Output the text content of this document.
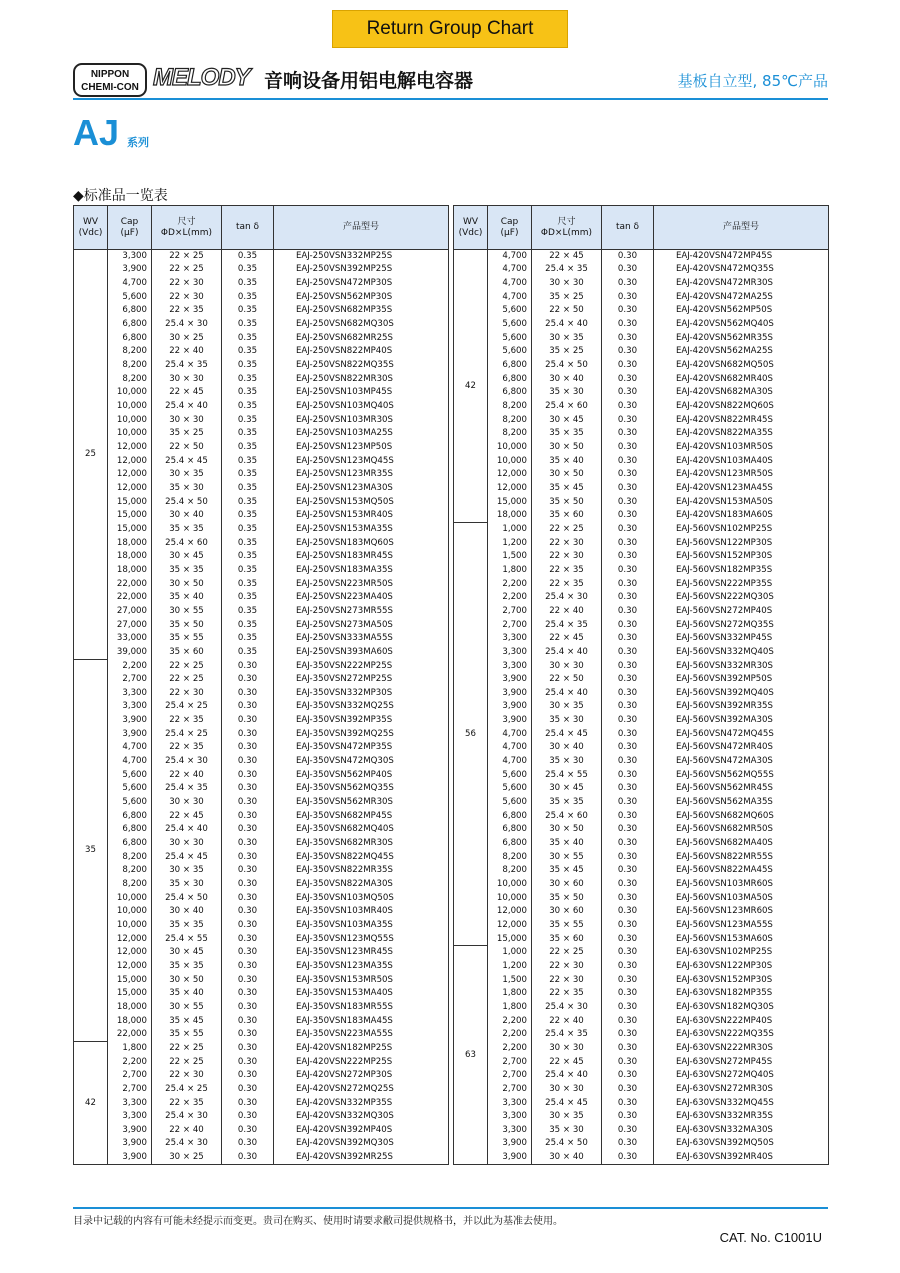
Return Group Chart
NIPPON
CHEMI-CON MELODY 音响设备用铝电解电容器	基板自立型, 85℃产品
AJ 系列
◆标准品一览表
WV
(Vdc)	Cap
(μF)	尺寸
ΦD×L(mm)	tan δ	产品型号
25	3,300	22 × 25	0.35	EAJ-250VSN332MP25S
	3,900	22 × 25	0.35	EAJ-250VSN392MP25S
	4,700	22 × 30	0.35	EAJ-250VSN472MP30S
	5,600	22 × 30	0.35	EAJ-250VSN562MP30S
	6,800	22 × 35	0.35	EAJ-250VSN682MP35S
	6,800	25.4 × 30	0.35	EAJ-250VSN682MQ30S
	6,800	30 × 25	0.35	EAJ-250VSN682MR25S
	8,200	22 × 40	0.35	EAJ-250VSN822MP40S
	8,200	25.4 × 35	0.35	EAJ-250VSN822MQ35S
	8,200	30 × 30	0.35	EAJ-250VSN822MR30S
	10,000	22 × 45	0.35	EAJ-250VSN103MP45S
	10,000	25.4 × 40	0.35	EAJ-250VSN103MQ40S
	10,000	30 × 30	0.35	EAJ-250VSN103MR30S
	10,000	35 × 25	0.35	EAJ-250VSN103MA25S
	12,000	22 × 50	0.35	EAJ-250VSN123MP50S
	12,000	25.4 × 45	0.35	EAJ-250VSN123MQ45S
	12,000	30 × 35	0.35	EAJ-250VSN123MR35S
	12,000	35 × 30	0.35	EAJ-250VSN123MA30S
	15,000	25.4 × 50	0.35	EAJ-250VSN153MQ50S
	15,000	30 × 40	0.35	EAJ-250VSN153MR40S
	15,000	35 × 35	0.35	EAJ-250VSN153MA35S
	18,000	25.4 × 60	0.35	EAJ-250VSN183MQ60S
	18,000	30 × 45	0.35	EAJ-250VSN183MR45S
	18,000	35 × 35	0.35	EAJ-250VSN183MA35S
	22,000	30 × 50	0.35	EAJ-250VSN223MR50S
	22,000	35 × 40	0.35	EAJ-250VSN223MA40S
	27,000	30 × 55	0.35	EAJ-250VSN273MR55S
	27,000	35 × 50	0.35	EAJ-250VSN273MA50S
	33,000	35 × 55	0.35	EAJ-250VSN333MA55S
	39,000	35 × 60	0.35	EAJ-250VSN393MA60S
35	2,200	22 × 25	0.30	EAJ-350VSN222MP25S
	2,700	22 × 25	0.30	EAJ-350VSN272MP25S
	3,300	22 × 30	0.30	EAJ-350VSN332MP30S
	3,300	25.4 × 25	0.30	EAJ-350VSN332MQ25S
	3,900	22 × 35	0.30	EAJ-350VSN392MP35S
	3,900	25.4 × 25	0.30	EAJ-350VSN392MQ25S
	4,700	22 × 35	0.30	EAJ-350VSN472MP35S
	4,700	25.4 × 30	0.30	EAJ-350VSN472MQ30S
	5,600	22 × 40	0.30	EAJ-350VSN562MP40S
	5,600	25.4 × 35	0.30	EAJ-350VSN562MQ35S
	5,600	30 × 30	0.30	EAJ-350VSN562MR30S
	6,800	22 × 45	0.30	EAJ-350VSN682MP45S
	6,800	25.4 × 40	0.30	EAJ-350VSN682MQ40S
	6,800	30 × 30	0.30	EAJ-350VSN682MR30S
	8,200	25.4 × 45	0.30	EAJ-350VSN822MQ45S
	8,200	30 × 35	0.30	EAJ-350VSN822MR35S
	8,200	35 × 30	0.30	EAJ-350VSN822MA30S
	10,000	25.4 × 50	0.30	EAJ-350VSN103MQ50S
	10,000	30 × 40	0.30	EAJ-350VSN103MR40S
	10,000	35 × 35	0.30	EAJ-350VSN103MA35S
	12,000	25.4 × 55	0.30	EAJ-350VSN123MQ55S
	12,000	30 × 45	0.30	EAJ-350VSN123MR45S
	12,000	35 × 35	0.30	EAJ-350VSN123MA35S
	15,000	30 × 50	0.30	EAJ-350VSN153MR50S
	15,000	35 × 40	0.30	EAJ-350VSN153MA40S
	18,000	30 × 55	0.30	EAJ-350VSN183MR55S
	18,000	35 × 45	0.30	EAJ-350VSN183MA45S
	22,000	35 × 55	0.30	EAJ-350VSN223MA55S
42	1,800	22 × 25	0.30	EAJ-420VSN182MP25S
	2,200	22 × 25	0.30	EAJ-420VSN222MP25S
	2,700	22 × 30	0.30	EAJ-420VSN272MP30S
	2,700	25.4 × 25	0.30	EAJ-420VSN272MQ25S
	3,300	22 × 35	0.30	EAJ-420VSN332MP35S
	3,300	25.4 × 30	0.30	EAJ-420VSN332MQ30S
	3,900	22 × 40	0.30	EAJ-420VSN392MP40S
	3,900	25.4 × 30	0.30	EAJ-420VSN392MQ30S
	3,900	30 × 25	0.30	EAJ-420VSN392MR25S
WV
(Vdc)	Cap
(μF)	尺寸
ΦD×L(mm)	tan δ	产品型号
42	4,700	22 × 45	0.30	EAJ-420VSN472MP45S
	4,700	25.4 × 35	0.30	EAJ-420VSN472MQ35S
	4,700	30 × 30	0.30	EAJ-420VSN472MR30S
	4,700	35 × 25	0.30	EAJ-420VSN472MA25S
	5,600	22 × 50	0.30	EAJ-420VSN562MP50S
	5,600	25.4 × 40	0.30	EAJ-420VSN562MQ40S
	5,600	30 × 35	0.30	EAJ-420VSN562MR35S
	5,600	35 × 25	0.30	EAJ-420VSN562MA25S
	6,800	25.4 × 50	0.30	EAJ-420VSN682MQ50S
	6,800	30 × 40	0.30	EAJ-420VSN682MR40S
	6,800	35 × 30	0.30	EAJ-420VSN682MA30S
	8,200	25.4 × 60	0.30	EAJ-420VSN822MQ60S
	8,200	30 × 45	0.30	EAJ-420VSN822MR45S
	8,200	35 × 35	0.30	EAJ-420VSN822MA35S
	10,000	30 × 50	0.30	EAJ-420VSN103MR50S
	10,000	35 × 40	0.30	EAJ-420VSN103MA40S
	12,000	30 × 50	0.30	EAJ-420VSN123MR50S
	12,000	35 × 45	0.30	EAJ-420VSN123MA45S
	15,000	35 × 50	0.30	EAJ-420VSN153MA50S
	18,000	35 × 60	0.30	EAJ-420VSN183MA60S
56	1,000	22 × 25	0.30	EAJ-560VSN102MP25S
	1,200	22 × 30	0.30	EAJ-560VSN122MP30S
	1,500	22 × 30	0.30	EAJ-560VSN152MP30S
	1,800	22 × 35	0.30	EAJ-560VSN182MP35S
	2,200	22 × 35	0.30	EAJ-560VSN222MP35S
	2,200	25.4 × 30	0.30	EAJ-560VSN222MQ30S
	2,700	22 × 40	0.30	EAJ-560VSN272MP40S
	2,700	25.4 × 35	0.30	EAJ-560VSN272MQ35S
	3,300	22 × 45	0.30	EAJ-560VSN332MP45S
	3,300	25.4 × 40	0.30	EAJ-560VSN332MQ40S
	3,300	30 × 30	0.30	EAJ-560VSN332MR30S
	3,900	22 × 50	0.30	EAJ-560VSN392MP50S
	3,900	25.4 × 40	0.30	EAJ-560VSN392MQ40S
	3,900	30 × 35	0.30	EAJ-560VSN392MR35S
	3,900	35 × 30	0.30	EAJ-560VSN392MA30S
	4,700	25.4 × 45	0.30	EAJ-560VSN472MQ45S
	4,700	30 × 40	0.30	EAJ-560VSN472MR40S
	4,700	35 × 30	0.30	EAJ-560VSN472MA30S
	5,600	25.4 × 55	0.30	EAJ-560VSN562MQ55S
	5,600	30 × 45	0.30	EAJ-560VSN562MR45S
	5,600	35 × 35	0.30	EAJ-560VSN562MA35S
	6,800	25.4 × 60	0.30	EAJ-560VSN682MQ60S
	6,800	30 × 50	0.30	EAJ-560VSN682MR50S
	6,800	35 × 40	0.30	EAJ-560VSN682MA40S
	8,200	30 × 55	0.30	EAJ-560VSN822MR55S
	8,200	35 × 45	0.30	EAJ-560VSN822MA45S
	10,000	30 × 60	0.30	EAJ-560VSN103MR60S
	10,000	35 × 50	0.30	EAJ-560VSN103MA50S
	12,000	30 × 60	0.30	EAJ-560VSN123MR60S
	12,000	35 × 55	0.30	EAJ-560VSN123MA55S
	15,000	35 × 60	0.30	EAJ-560VSN153MA60S
63	1,000	22 × 25	0.30	EAJ-630VSN102MP25S
	1,200	22 × 30	0.30	EAJ-630VSN122MP30S
	1,500	22 × 30	0.30	EAJ-630VSN152MP30S
	1,800	22 × 35	0.30	EAJ-630VSN182MP35S
	1,800	25.4 × 30	0.30	EAJ-630VSN182MQ30S
	2,200	22 × 40	0.30	EAJ-630VSN222MP40S
	2,200	25.4 × 35	0.30	EAJ-630VSN222MQ35S
	2,200	30 × 30	0.30	EAJ-630VSN222MR30S
	2,700	22 × 45	0.30	EAJ-630VSN272MP45S
	2,700	25.4 × 40	0.30	EAJ-630VSN272MQ40S
	2,700	30 × 30	0.30	EAJ-630VSN272MR30S
	3,300	25.4 × 45	0.30	EAJ-630VSN332MQ45S
	3,300	30 × 35	0.30	EAJ-630VSN332MR35S
	3,300	35 × 30	0.30	EAJ-630VSN332MA30S
	3,900	25.4 × 50	0.30	EAJ-630VSN392MQ50S
	3,900	30 × 40	0.30	EAJ-630VSN392MR40S
目录中记载的内容有可能未经提示而变更。贵司在购买、使用时请要求敝司提供规格书，并以此为基准去使用。
CAT. No. C1001U
